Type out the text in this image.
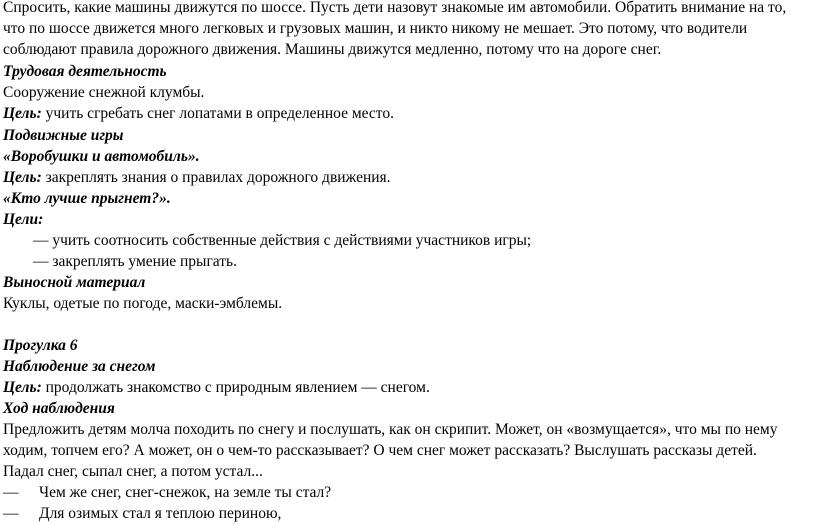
Спросить, какие машины движутся по шоссе. Пусть дети назовут знакомые им автомобили. Обратить внимание на то,
что по шоссе движется много легковых и грузовых машин, и никто никому не мешает. Это потому, что водители
соблюдают правила дорожного движения. Машины движутся медленно, потому что на дороге снег.
Трудовая деятельность
Сооружение снежной клумбы.
Цель: учить сгребать снег лопатами в определенное место.
Подвижные игры
«Воробушки и автомобиль».
Цель: закреплять знания о правилах дорожного движения.
«Кто лучше прыгнет?».
Цели:
— учить соотносить собственные действия с действиями участников игры;
— закреплять умение прыгать.
Выносной материал
Куклы, одетые по погоде, маски-эмблемы.
Прогулка 6
Наблюдение за снегом
Цель: продолжать знакомство с природным явлением — снегом.
Ход наблюдения
Предложить детям молча походить по снегу и послушать, как он скрипит. Может, он «возмущается», что мы по нему
ходим, топчем его? А может, он о чем-то рассказывает? О чем снег может рассказать? Выслушать рассказы детей.
Падал снег, сыпал снег, а потом устал...
— Чем же снег, снег-снежок, на земле ты стал?
— Для озимых стал я теплою периною,
